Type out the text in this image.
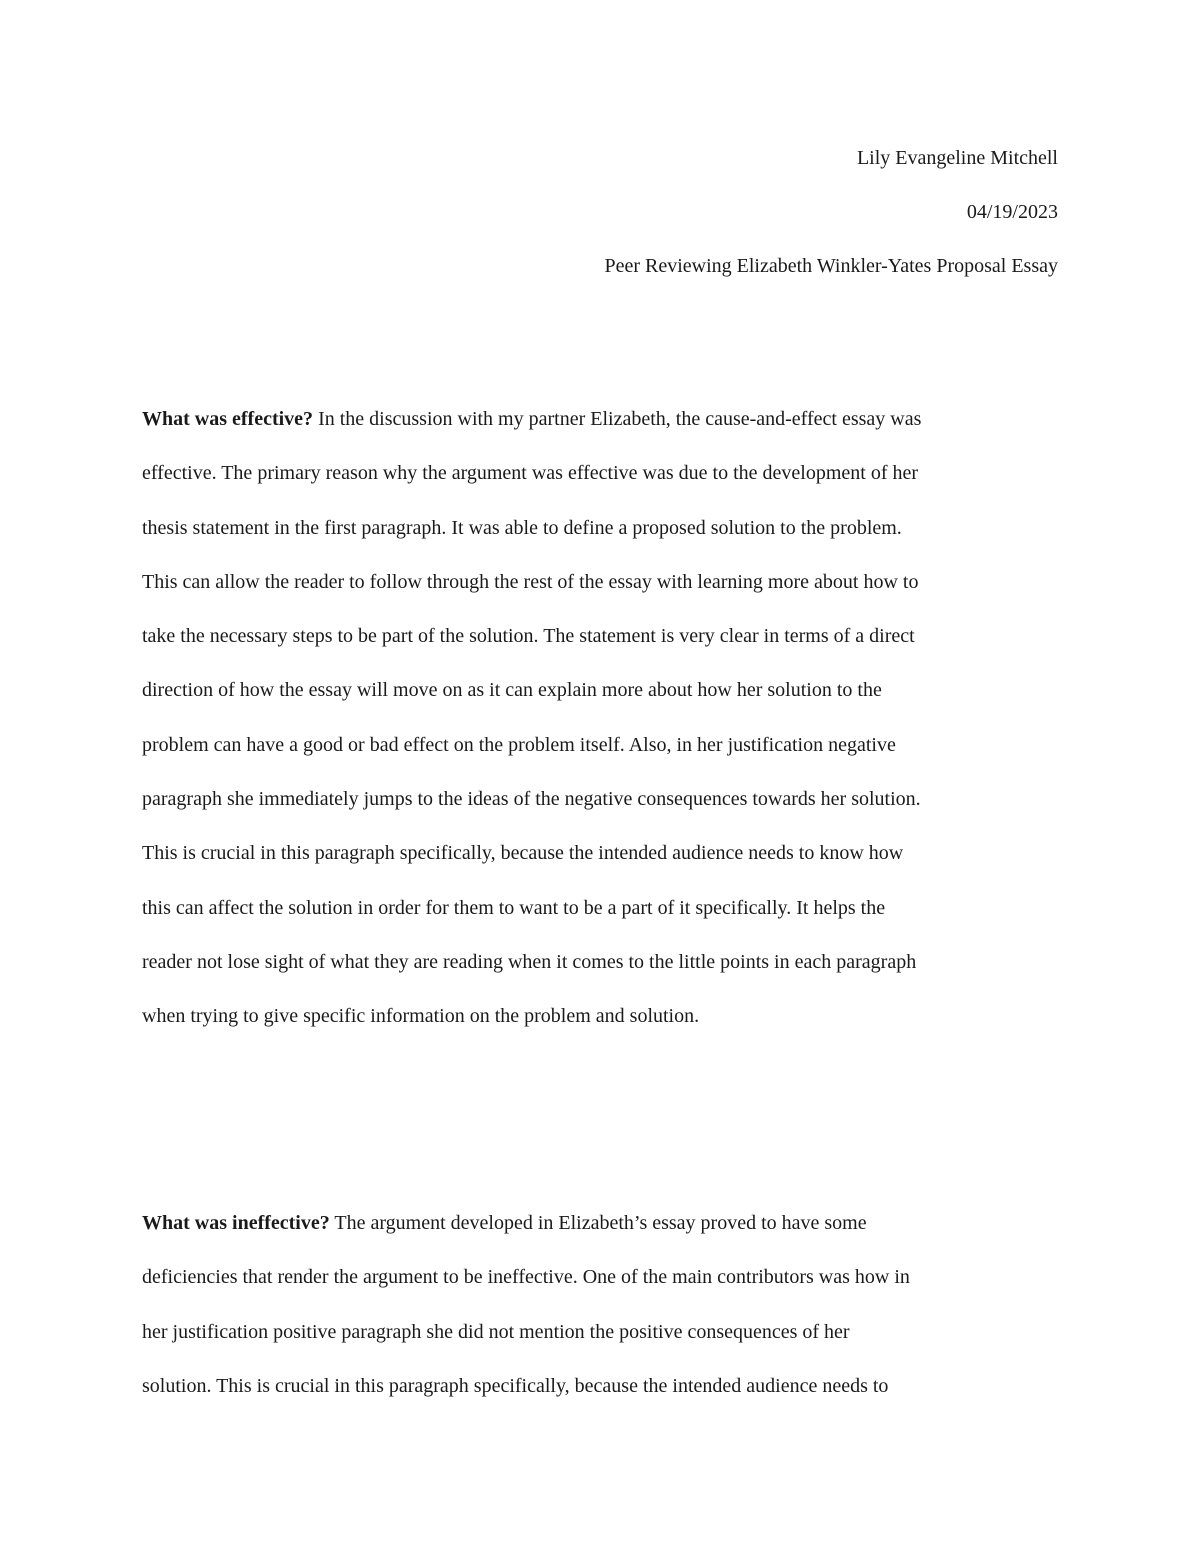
Lily Evangeline Mitchell
04/19/2023
Peer Reviewing Elizabeth Winkler-Yates Proposal Essay
What was effective? In the discussion with my partner Elizabeth, the cause-and-effect essay was
effective. The primary reason why the argument was effective was due to the development of her
thesis statement in the first paragraph. It was able to define a proposed solution to the problem.
This can allow the reader to follow through the rest of the essay with learning more about how to
take the necessary steps to be part of the solution. The statement is very clear in terms of a direct
direction of how the essay will move on as it can explain more about how her solution to the
problem can have a good or bad effect on the problem itself. Also, in her justification negative
paragraph she immediately jumps to the ideas of the negative consequences towards her solution.
This is crucial in this paragraph specifically, because the intended audience needs to know how
this can affect the solution in order for them to want to be a part of it specifically. It helps the
reader not lose sight of what they are reading when it comes to the little points in each paragraph
when trying to give specific information on the problem and solution.
What was ineffective? The argument developed in Elizabeth’s essay proved to have some
deficiencies that render the argument to be ineffective. One of the main contributors was how in
her justification positive paragraph she did not mention the positive consequences of her
solution. This is crucial in this paragraph specifically, because the intended audience needs to
